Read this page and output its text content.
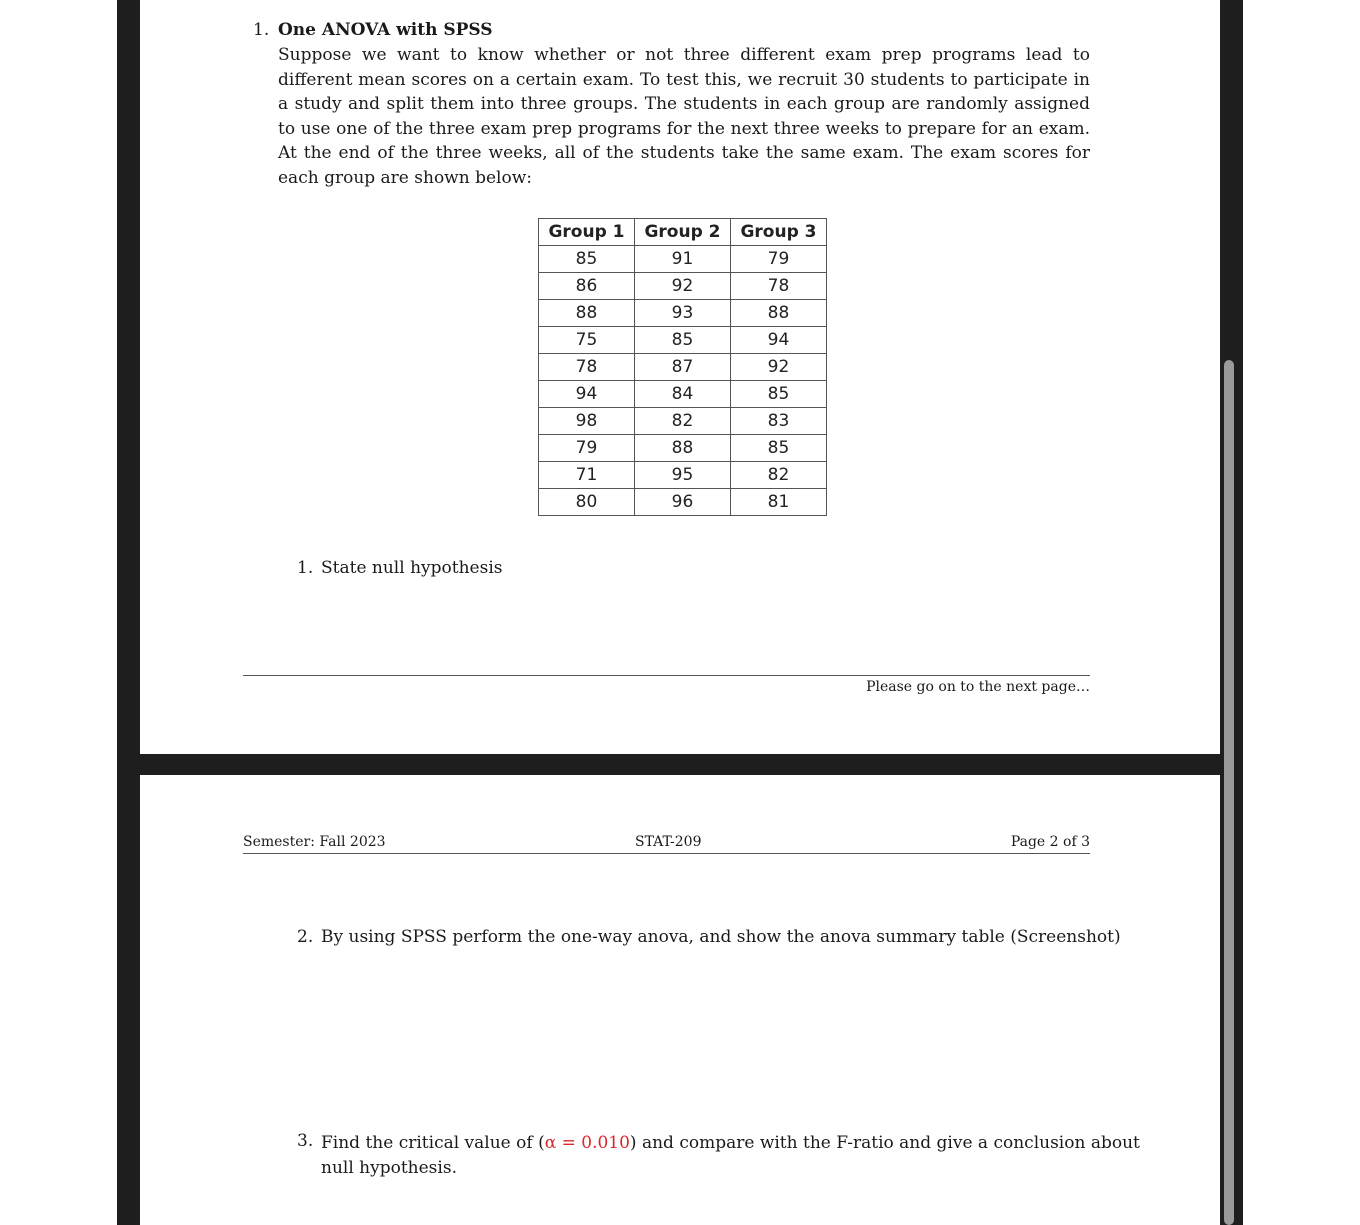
1. One ANOVA with SPSS
Suppose we want to know whether or not three different exam prep programs lead to different mean scores on a certain exam. To test this, we recruit 30 students to participate in a study and split them into three groups. The students in each group are randomly assigned to use one of the three exam prep programs for the next three weeks to prepare for an exam. At the end of the three weeks, all of the students take the same exam. The exam scores for each group are shown below:
Group 1	Group 2	Group 3
85	91	79
86	92	78
88	93	88
75	85	94
78	87	92
94	84	85
98	82	83
79	88	85
71	95	82
80	96	81
1. State null hypothesis
Please go on to the next page…
Semester: Fall 2023	STAT-209	Page 2 of 3
2. By using SPSS perform the one-way anova, and show the anova summary table (Screenshot)
3. Find the critical value of (α = 0.010) and compare with the F-ratio and give a conclusion about
null hypothesis.
